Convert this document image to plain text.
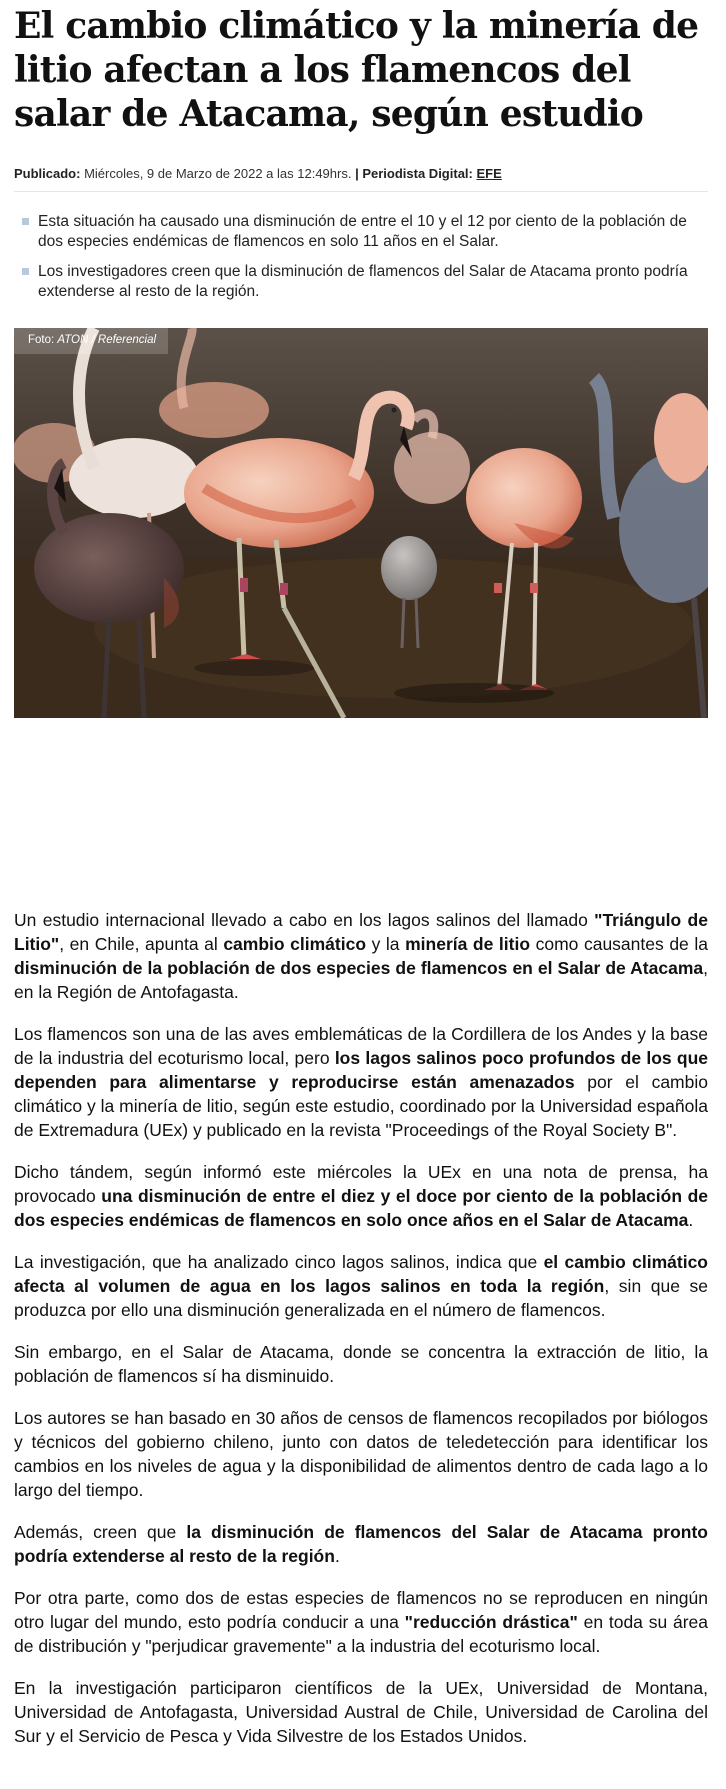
El cambio climático y la minería de litio afectan a los flamencos del salar de Atacama, según estudio
Publicado: Miércoles, 9 de Marzo de 2022 a las 12:49hrs. | Periodista Digital: EFE
Esta situación ha causado una disminución de entre el 10 y el 12 por ciento de la población de dos especies endémicas de flamencos en solo 11 años en el Salar.
Los investigadores creen que la disminución de flamencos del Salar de Atacama pronto podría extenderse al resto de la región.
Foto: ATON / Referencial

Un estudio internacional llevado a cabo en los lagos salinos del llamado "Triángulo de Litio", en Chile, apunta al cambio climático y la minería de litio como causantes de la disminución de la población de dos especies de flamencos en el Salar de Atacama, en la Región de Antofagasta.

Los flamencos son una de las aves emblemáticas de la Cordillera de los Andes y la base de la industria del ecoturismo local, pero los lagos salinos poco profundos de los que dependen para alimentarse y reproducirse están amenazados por el cambio climático y la minería de litio, según este estudio, coordinado por la Universidad española de Extremadura (UEx) y publicado en la revista "Proceedings of the Royal Society B".

Dicho tándem, según informó este miércoles la UEx en una nota de prensa, ha provocado una disminución de entre el diez y el doce por ciento de la población de dos especies endémicas de flamencos en solo once años en el Salar de Atacama.

La investigación, que ha analizado cinco lagos salinos, indica que el cambio climático afecta al volumen de agua en los lagos salinos en toda la región, sin que se produzca por ello una disminución generalizada en el número de flamencos.

Sin embargo, en el Salar de Atacama, donde se concentra la extracción de litio, la población de flamencos sí ha disminuido.

Los autores se han basado en 30 años de censos de flamencos recopilados por biólogos y técnicos del gobierno chileno, junto con datos de teledetección para identificar los cambios en los niveles de agua y la disponibilidad de alimentos dentro de cada lago a lo largo del tiempo.

Además, creen que la disminución de flamencos del Salar de Atacama pronto podría extenderse al resto de la región.

Por otra parte, como dos de estas especies de flamencos no se reproducen en ningún otro lugar del mundo, esto podría conducir a una "reducción drástica" en toda su área de distribución y "perjudicar gravemente" a la industria del ecoturismo local.

En la investigación participaron científicos de la UEx, Universidad de Montana, Universidad de Antofagasta, Universidad Austral de Chile, Universidad de Carolina del Sur y el Servicio de Pesca y Vida Silvestre de los Estados Unidos.
